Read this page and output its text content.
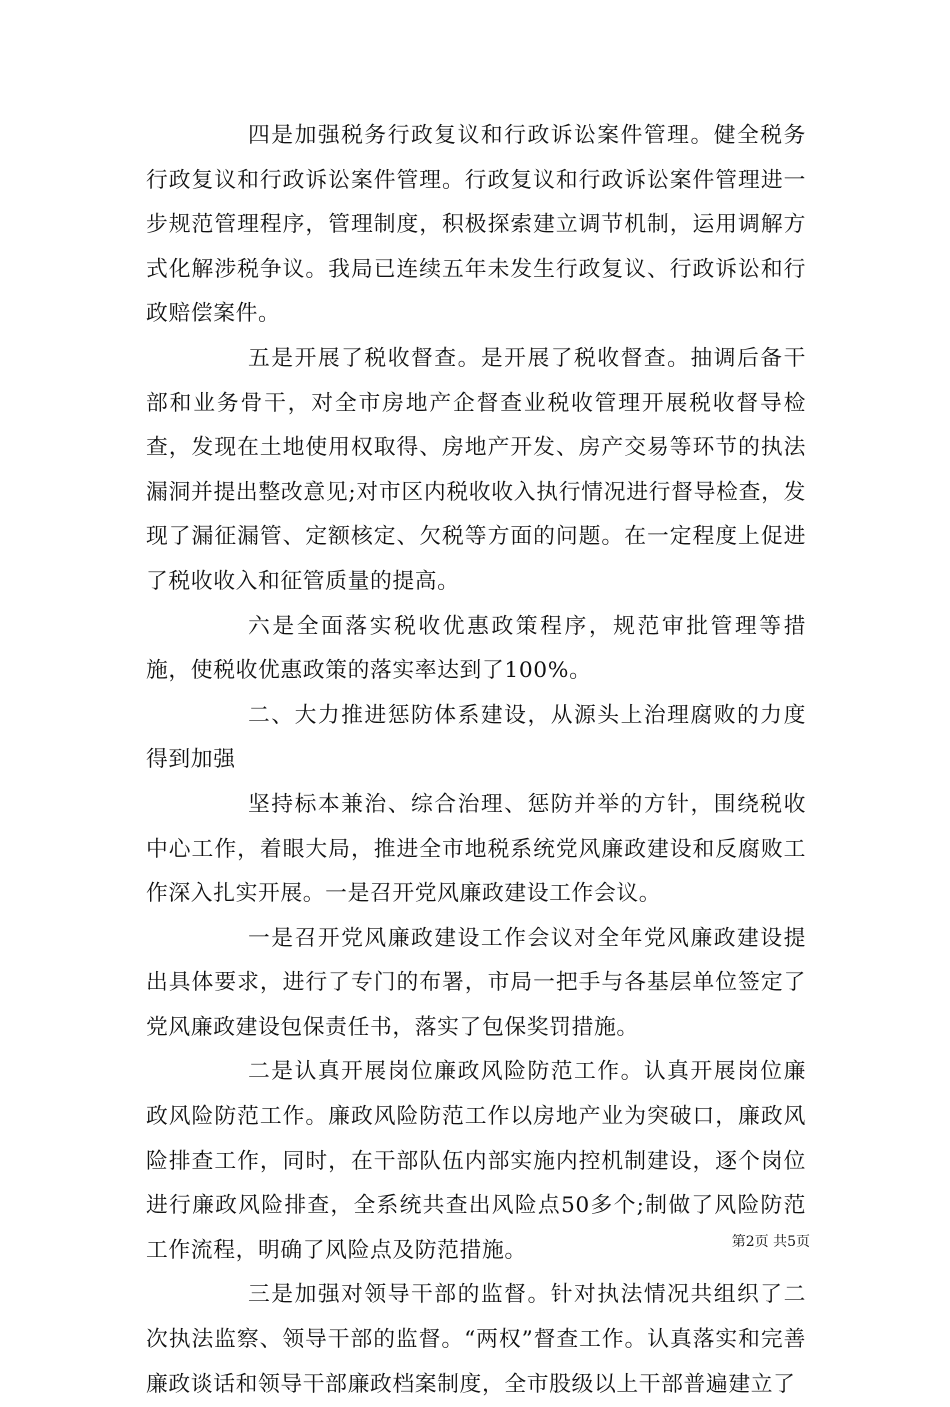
四是加强税务行政复议和行政诉讼案件管理。健全税务行政复议和行政诉讼案件管理。行政复议和行政诉讼案件管理进一步规范管理程序，管理制度，积极探索建立调节机制，运用调解方式化解涉税争议。我局已连续五年未发生行政复议、行政诉讼和行政赔偿案件。

五是开展了税收督查。是开展了税收督查。抽调后备干部和业务骨干，对全市房地产企督查业税收管理开展税收督导检查，发现在土地使用权取得、房地产开发、房产交易等环节的执法漏洞并提出整改意见;对市区内税收收入执行情况进行督导检查，发现了漏征漏管、定额核定、欠税等方面的问题。在一定程度上促进了税收收入和征管质量的提高。

六是全面落实税收优惠政策程序，规范审批管理等措施，使税收优惠政策的落实率达到了100%。

二、大力推进惩防体系建设，从源头上治理腐败的力度得到加强

坚持标本兼治、综合治理、惩防并举的方针，围绕税收中心工作，着眼大局，推进全市地税系统党风廉政建设和反腐败工作深入扎实开展。一是召开党风廉政建设工作会议。

一是召开党风廉政建设工作会议对全年党风廉政建设提出具体要求，进行了专门的布署，市局一把手与各基层单位签定了党风廉政建设包保责任书，落实了包保奖罚措施。

二是认真开展岗位廉政风险防范工作。认真开展岗位廉政风险防范工作。廉政风险防范工作以房地产业为突破口，廉政风险排查工作，同时，在干部队伍内部实施内控机制建设，逐个岗位进行廉政风险排查，全系统共查出风险点50多个;制做了风险防范工作流程，明确了风险点及防范措施。

三是加强对领导干部的监督。针对执法情况共组织了二次执法监察、领导干部的监督。“两权”督查工作。认真落实和完善廉政谈话和领导干部廉政档案制度，全市股级以上干部普遍建立了

第2页 共5页
